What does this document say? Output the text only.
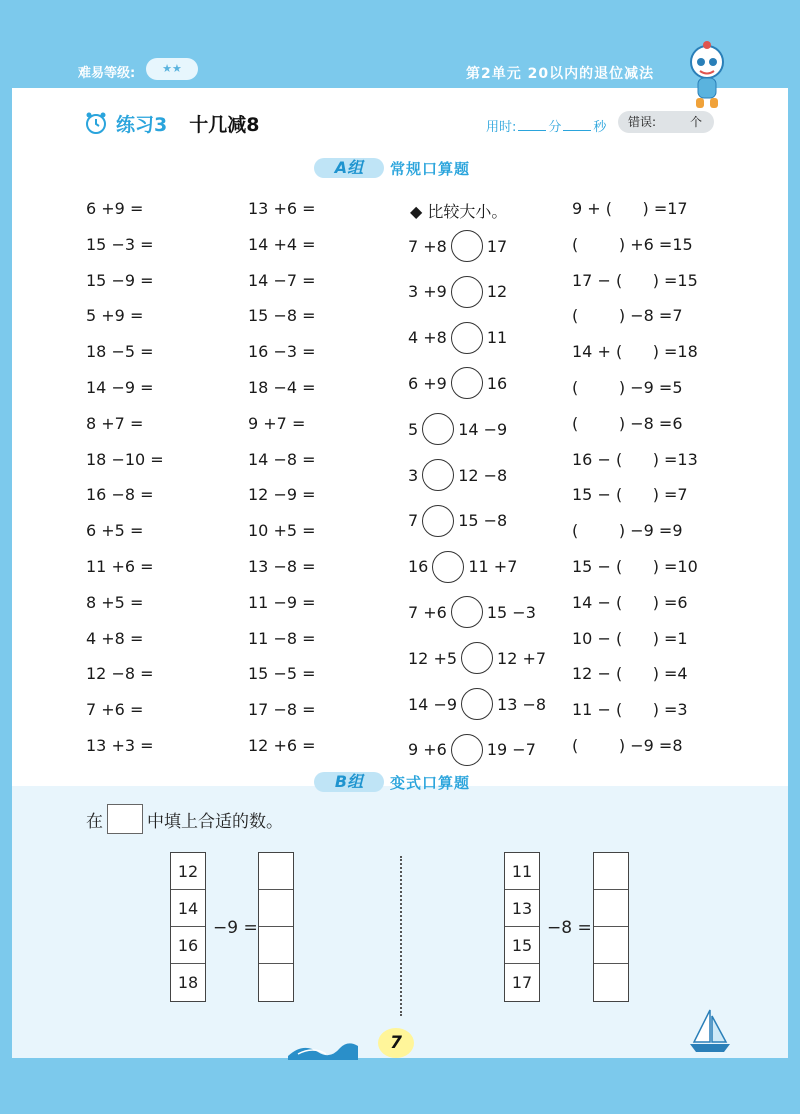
难易等级:	★★	第2单元 20以内的退位减法
练习3 十几减8	用时: 分 秒 错误:	个
A组	常规口算题
6 +9 =
15 −3 =
15 −9 =
5 +9 =
18 −5 =
14 −9 =
8 +7 =
18 −10 =
16 −8 =
6 +5 =
11 +6 =
8 +5 =
4 +8 =
12 −8 =
7 +6 =
13 +3 =
13 +6 =
14 +4 =
14 −7 =
15 −8 =
16 −3 =
18 −4 =
9 +7 =
14 −8 =
12 −9 =
10 +5 =
13 −8 =
11 −9 =
11 −8 =
15 −5 =
17 −8 =
12 +6 =
◆ 比较大小。
7 +8	17
3 +9	12
4 +8	11
6 +9	16
5	14 −9
3	12 −8
7	15 −8
16	11 +7
7 +6	15 −3
12 +5	12 +7
14 −9	13 −8
9 +6	19 −7
9 + (      ) =17
(        ) +6 =15
17 − (      ) =15
(        ) −8 =7
14 + (      ) =18
(        ) −9 =5
(        ) −8 =6
16 − (      ) =13
15 − (      ) =7
(        ) −9 =9
15 − (      ) =10
14 − (      ) =6
10 − (      ) =1
12 − (      ) =4
11 − (      ) =3
(        ) −9 =8
B组	变式口算题
在	中填上合适的数。
12
14
16
18
−9 =
11
13
15
17
−8 =
7
